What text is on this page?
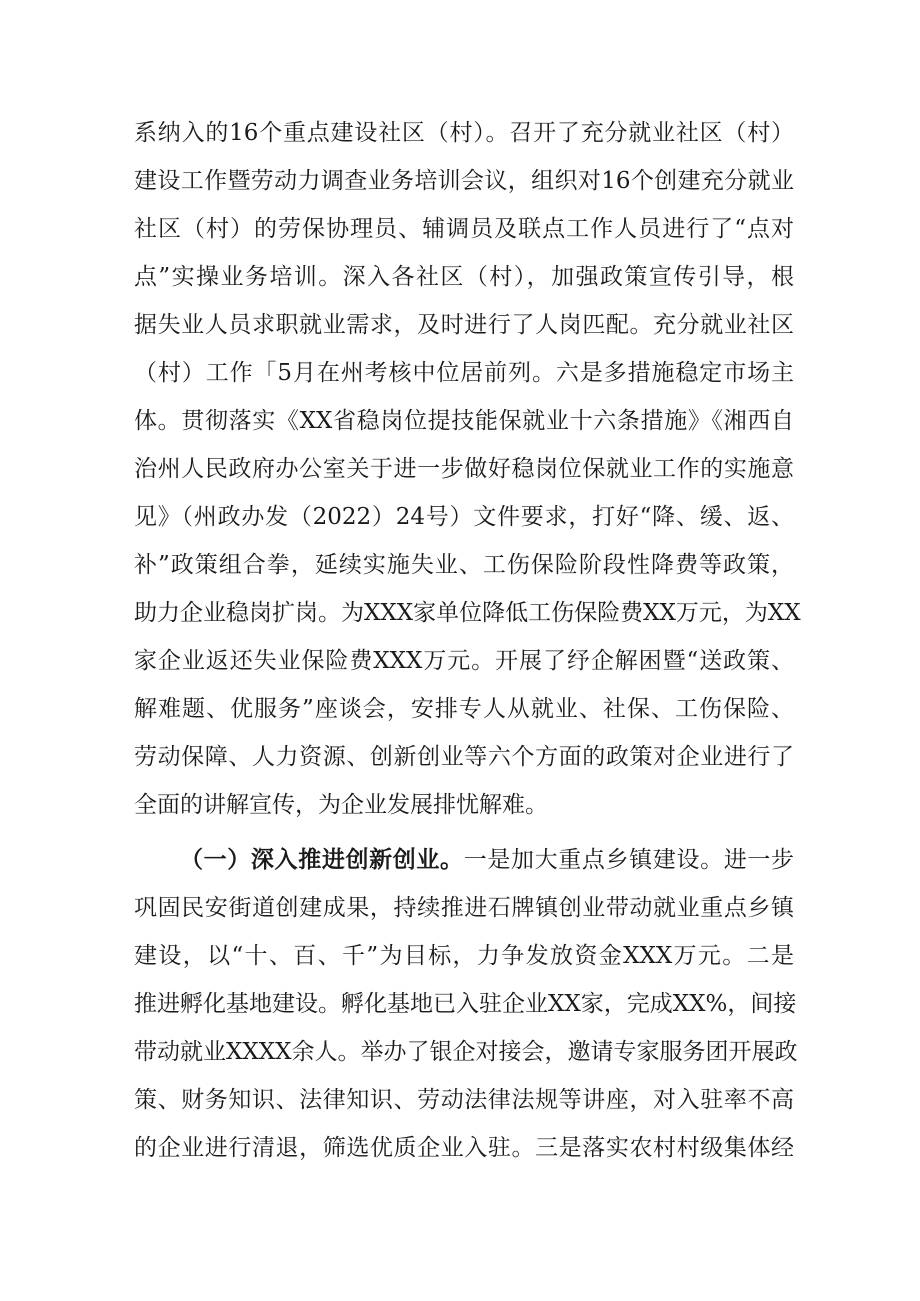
系纳入的16个重点建设社区（村）。召开了充分就业社区（村）
建设工作暨劳动力调查业务培训会议，组织对16个创建充分就业
社区（村）的劳保协理员、辅调员及联点工作人员进行了“点对
点”实操业务培训。深入各社区（村），加强政策宣传引导，根
据失业人员求职就业需求，及时进行了人岗匹配。充分就业社区
（村）工作「5月在州考核中位居前列。六是多措施稳定市场主
体。贯彻落实《XX省稳岗位提技能保就业十六条措施》《湘西自
治州人民政府办公室关于进一步做好稳岗位保就业工作的实施意
见》（州政办发（2022）24号）文件要求，打好“降、缓、返、
补”政策组合拳，延续实施失业、工伤保险阶段性降费等政策，
助力企业稳岗扩岗。为XXX家单位降低工伤保险费XX万元，为XX
家企业返还失业保险费XXX万元。开展了纾企解困暨“送政策、
解难题、优服务”座谈会，安排专人从就业、社保、工伤保险、
劳动保障、人力资源、创新创业等六个方面的政策对企业进行了
全面的讲解宣传，为企业发展排忧解难。
（一）深入推进创新创业。一是加大重点乡镇建设。进一步
巩固民安街道创建成果，持续推进石牌镇创业带动就业重点乡镇
建设，以“十、百、千”为目标，力争发放资金XXX万元。二是
推进孵化基地建设。孵化基地已入驻企业XX家，完成XX%，间接
带动就业XXXX余人。举办了银企对接会，邀请专家服务团开展政
策、财务知识、法律知识、劳动法律法规等讲座，对入驻率不高
的企业进行清退，筛选优质企业入驻。三是落实农村村级集体经
